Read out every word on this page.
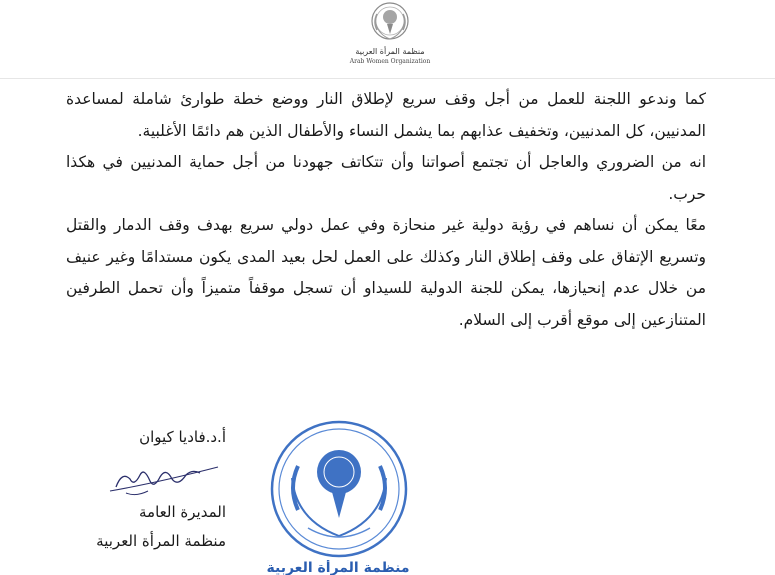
منظمة المرأة العربية
Arab Women Organization

كما وندعو اللجنة للعمل من أجل وقف سريع لإطلاق النار ووضع خطة طوارئ شاملة لمساعدة المدنيين، كل المدنيين، وتخفيف عذابهم بما يشمل النساء والأطفال الذين هم دائمًا الأغلبية.

انه من الضروري والعاجل أن تجتمع أصواتنا وأن تتكاتف جهودنا من أجل حماية المدنيين في هكذا حرب.

معًا يمكن أن نساهم في رؤية دولية غير منحازة وفي عمل دولي سريع بهدف وقف الدمار والقتل وتسريع الإتفاق على وقف إطلاق النار وكذلك على العمل لحل بعيد المدى يكون مستدامًا وغير عنيف من خلال عدم إنحيازها، يمكن للجنة الدولية للسيداو أن تسجل موقفاً متميزاً وأن تحمل الطرفين المتنازعين إلى موقع أقرب إلى السلام.

أ.د.فاديا كيوان
المديرة العامة
منظمة المرأة العربية
منظمة المرأة العربية
